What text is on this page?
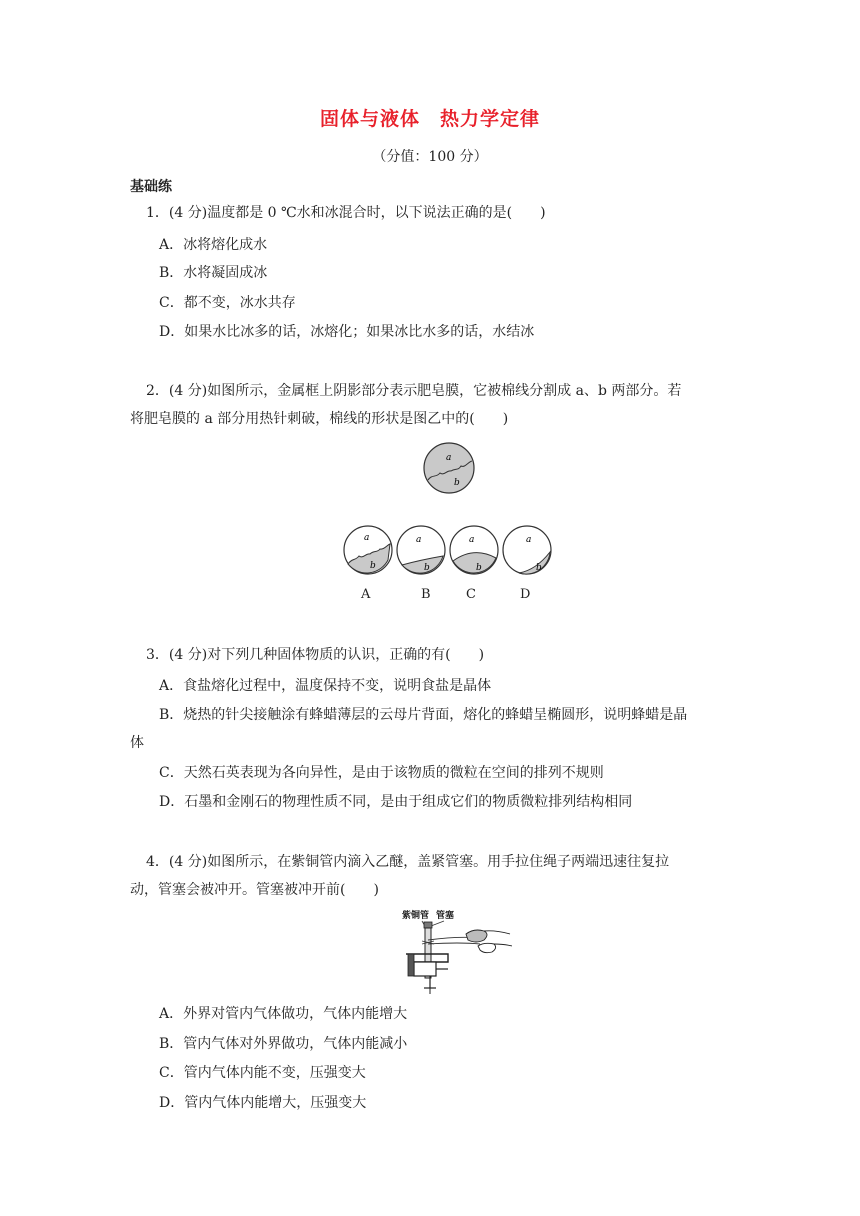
固体与液体　热力学定律
（分值：100 分）
基础练
1．(4 分)温度都是 0 ℃水和冰混合时，以下说法正确的是(　　)
A．冰将熔化成水
B．水将凝固成冰
C．都不变，冰水共存
D．如果水比冰多的话，冰熔化；如果冰比水多的话，水结冰
2．(4 分)如图所示，金属框上阴影部分表示肥皂膜，它被棉线分割成 a、b 两部分。若
将肥皂膜的 a 部分用热针刺破，棉线的形状是图乙中的(　　)
a
b
a
b
a
b
a
b
a
b
A	B	C	D
3．(4 分)对下列几种固体物质的认识，正确的有(　　)
A．食盐熔化过程中，温度保持不变，说明食盐是晶体
B．烧热的针尖接触涂有蜂蜡薄层的云母片背面，熔化的蜂蜡呈椭圆形，说明蜂蜡是晶
体
C．天然石英表现为各向异性，是由于该物质的微粒在空间的排列不规则
D．石墨和金刚石的物理性质不同，是由于组成它们的物质微粒排列结构相同
4．(4 分)如图所示，在紫铜管内滴入乙醚，盖紧管塞。用手拉住绳子两端迅速往复拉
动，管塞会被冲开。管塞被冲开前(　　)
紫铜管 管塞
A．外界对管内气体做功，气体内能增大
B．管内气体对外界做功，气体内能减小
C．管内气体内能不变，压强变大
D．管内气体内能增大，压强变大
